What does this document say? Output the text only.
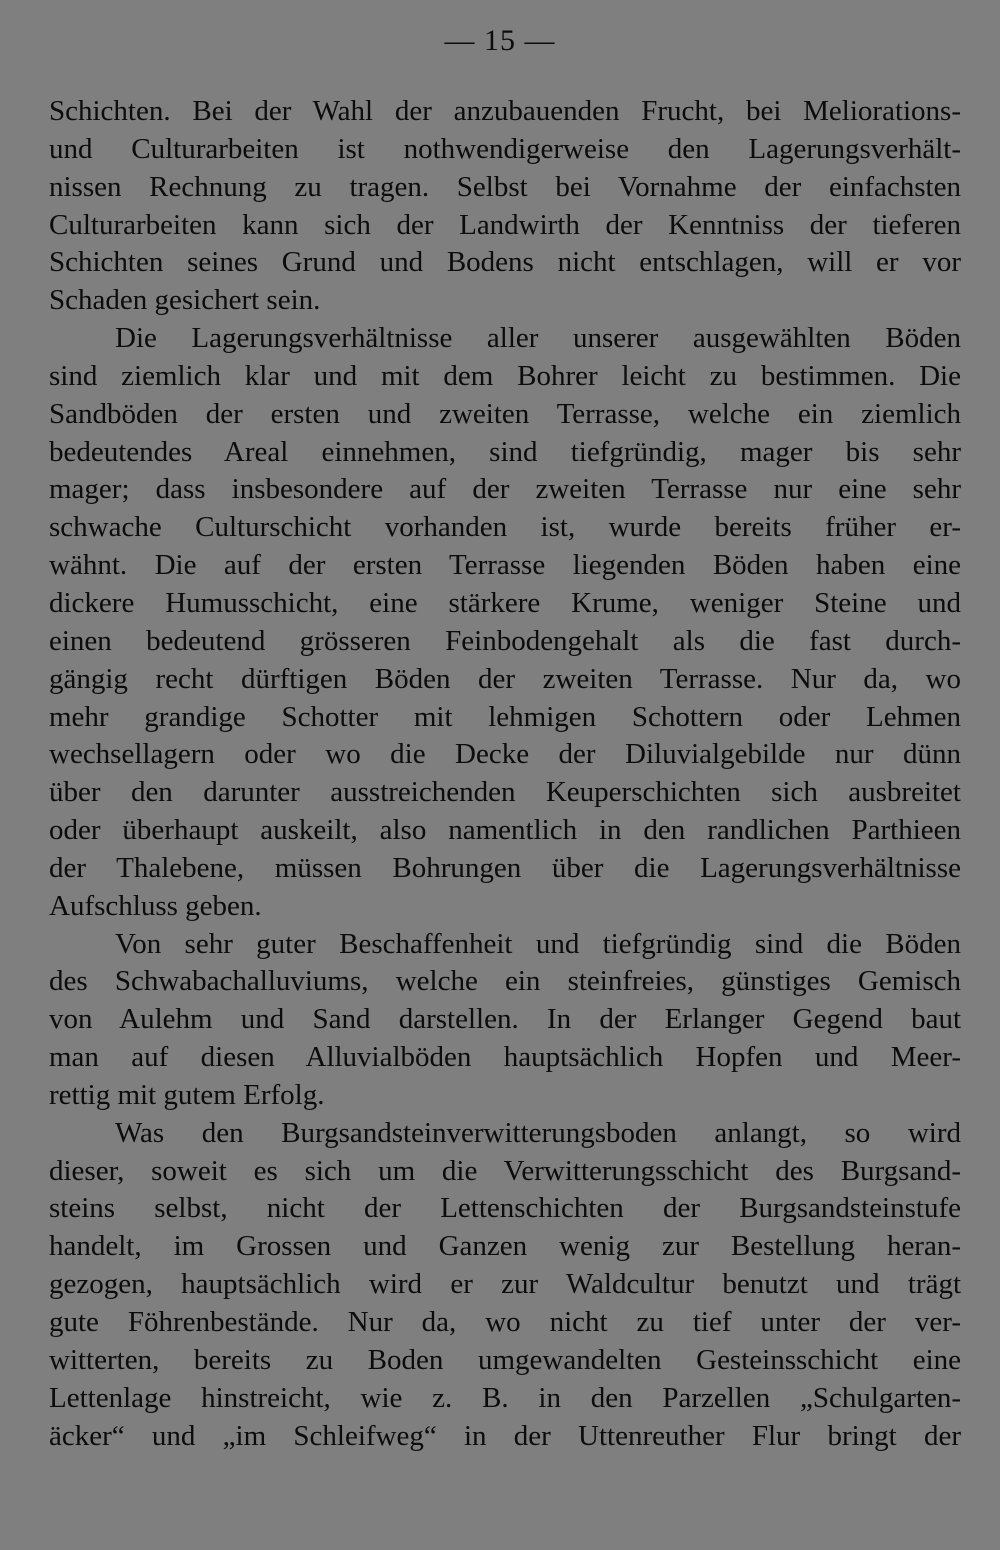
— 15 —
Schichten. Bei der Wahl der anzubauenden Frucht, bei Meliorations-
und Culturarbeiten ist nothwendigerweise den Lagerungsverhält-
nissen Rechnung zu tragen. Selbst bei Vornahme der einfachsten
Culturarbeiten kann sich der Landwirth der Kenntniss der tieferen
Schichten seines Grund und Bodens nicht entschlagen, will er vor
Schaden gesichert sein.
Die Lagerungsverhältnisse aller unserer ausgewählten Böden
sind ziemlich klar und mit dem Bohrer leicht zu bestimmen. Die
Sandböden der ersten und zweiten Terrasse, welche ein ziemlich
bedeutendes Areal einnehmen, sind tiefgründig, mager bis sehr
mager; dass insbesondere auf der zweiten Terrasse nur eine sehr
schwache Culturschicht vorhanden ist, wurde bereits früher er-
wähnt. Die auf der ersten Terrasse liegenden Böden haben eine
dickere Humusschicht, eine stärkere Krume, weniger Steine und
einen bedeutend grösseren Feinbodengehalt als die fast durch-
gängig recht dürftigen Böden der zweiten Terrasse. Nur da, wo
mehr grandige Schotter mit lehmigen Schottern oder Lehmen
wechsellagern oder wo die Decke der Diluvialgebilde nur dünn
über den darunter ausstreichenden Keuperschichten sich ausbreitet
oder überhaupt auskeilt, also namentlich in den randlichen Parthieen
der Thalebene, müssen Bohrungen über die Lagerungsverhältnisse
Aufschluss geben.
Von sehr guter Beschaffenheit und tiefgründig sind die Böden
des Schwabachalluviums, welche ein steinfreies, günstiges Gemisch
von Aulehm und Sand darstellen. In der Erlanger Gegend baut
man auf diesen Alluvialböden hauptsächlich Hopfen und Meer-
rettig mit gutem Erfolg.
Was den Burgsandsteinverwitterungsboden anlangt, so wird
dieser, soweit es sich um die Verwitterungsschicht des Burgsand-
steins selbst, nicht der Lettenschichten der Burgsandsteinstufe
handelt, im Grossen und Ganzen wenig zur Bestellung heran-
gezogen, hauptsächlich wird er zur Waldcultur benutzt und trägt
gute Föhrenbestände. Nur da, wo nicht zu tief unter der ver-
witterten, bereits zu Boden umgewandelten Gesteinsschicht eine
Lettenlage hinstreicht, wie z. B. in den Parzellen „Schulgarten-
äcker“ und „im Schleifweg“ in der Uttenreuther Flur bringt der
